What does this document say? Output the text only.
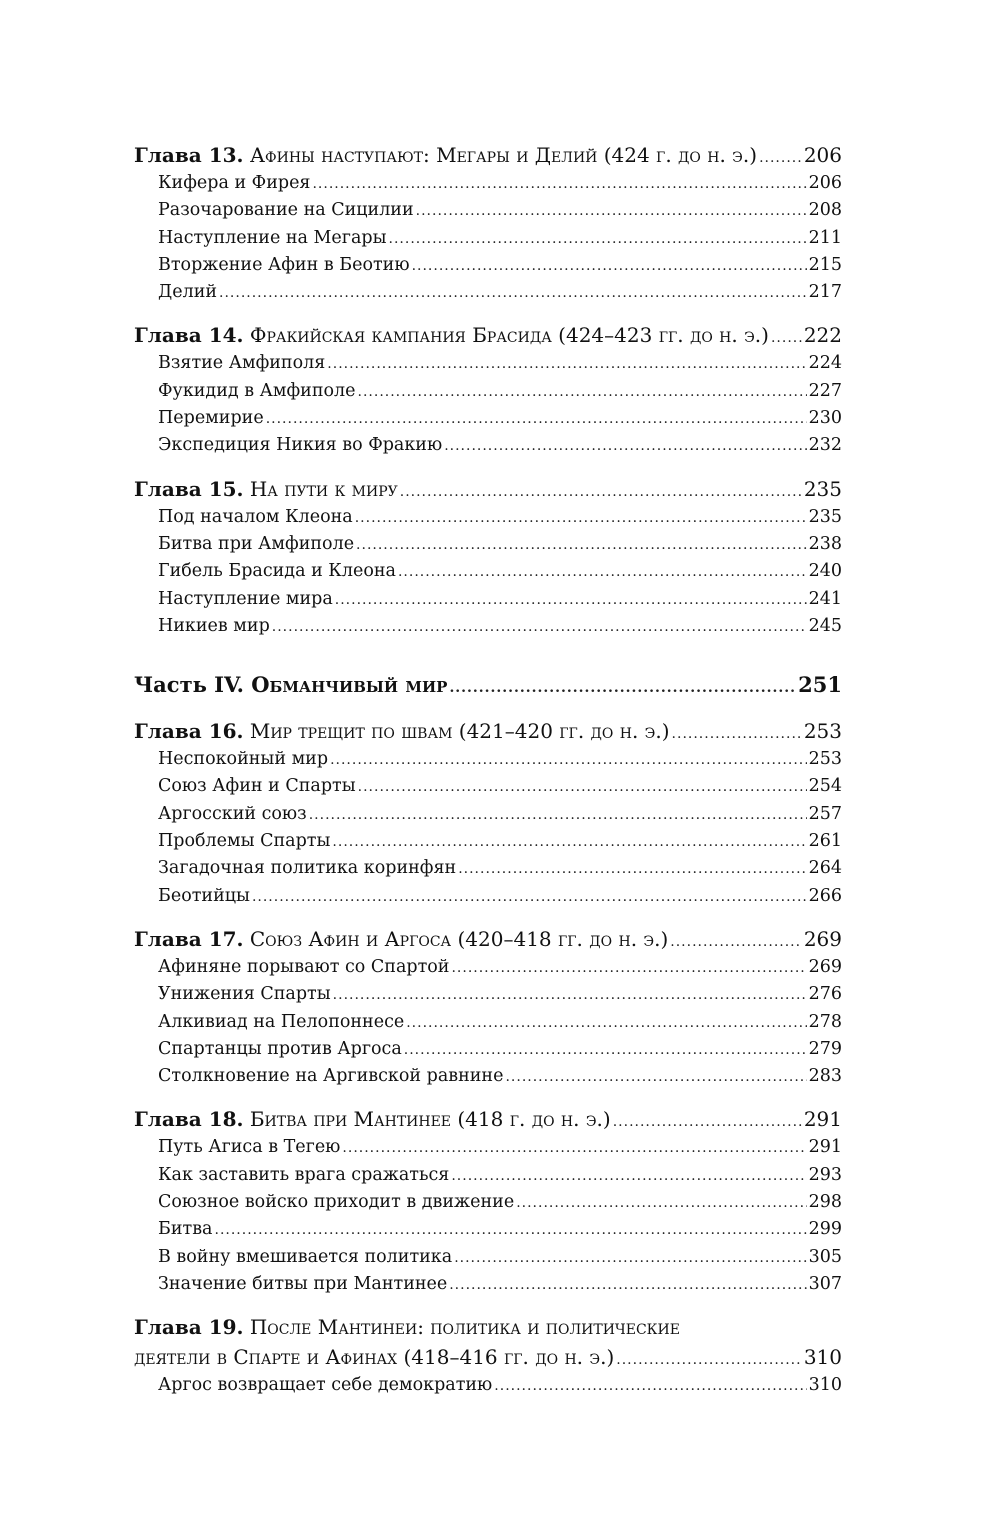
Глава 13. Афины наступают: Мегары и Делий (424 г. до н. э.) ..... 206
Кифера и Фирея .....	206
Разочарование на Сицилии .....	208
Наступление на Мегары .....	211
Вторжение Афин в Беотию .....	215
Делий .....	217
Глава 14. Фракийская кампания Брасида (424–423 гг. до н. э.) ..... 222
Взятие Амфиполя .....	224
Фукидид в Амфиполе .....	227
Перемирие .....	230
Экспедиция Никия во Фракию .....	232
Глава 15. На пути к миру .....	235
Под началом Клеона .....	235
Битва при Амфиполе .....	238
Гибель Брасида и Клеона .....	240
Наступление мира .....	241
Никиев мир .....	245
Часть IV. Обманчивый мир .....	251
Глава 16. Мир трещит по швам (421–420 гг. до н. э.) .....	253
Неспокойный мир .....	253
Союз Афин и Спарты .....	254
Аргосский союз .....	257
Проблемы Спарты .....	261
Загадочная политика коринфян .....	264
Беотийцы .....	266
Глава 17. Союз Афин и Аргоса (420–418 гг. до н. э.) .....	269
Афиняне порывают со Спартой .....	269
Унижения Спарты .....	276
Алкивиад на Пелопоннесе .....	278
Спартанцы против Аргоса .....	279
Столкновение на Аргивской равнине .....	283
Глава 18. Битва при Мантинее (418 г. до н. э.) .....	291
Путь Агиса в Тегею .....	291
Как заставить врага сражаться .....	293
Союзное войско приходит в движение .....	298
Битва .....	299
В войну вмешивается политика .....	305
Значение битвы при Мантинее .....	307
Глава 19. После Мантинеи: политика и политические
деятели в Спарте и Афинах (418–416 гг. до н. э.) .....	310
Аргос возвращает себе демократию .....	310
